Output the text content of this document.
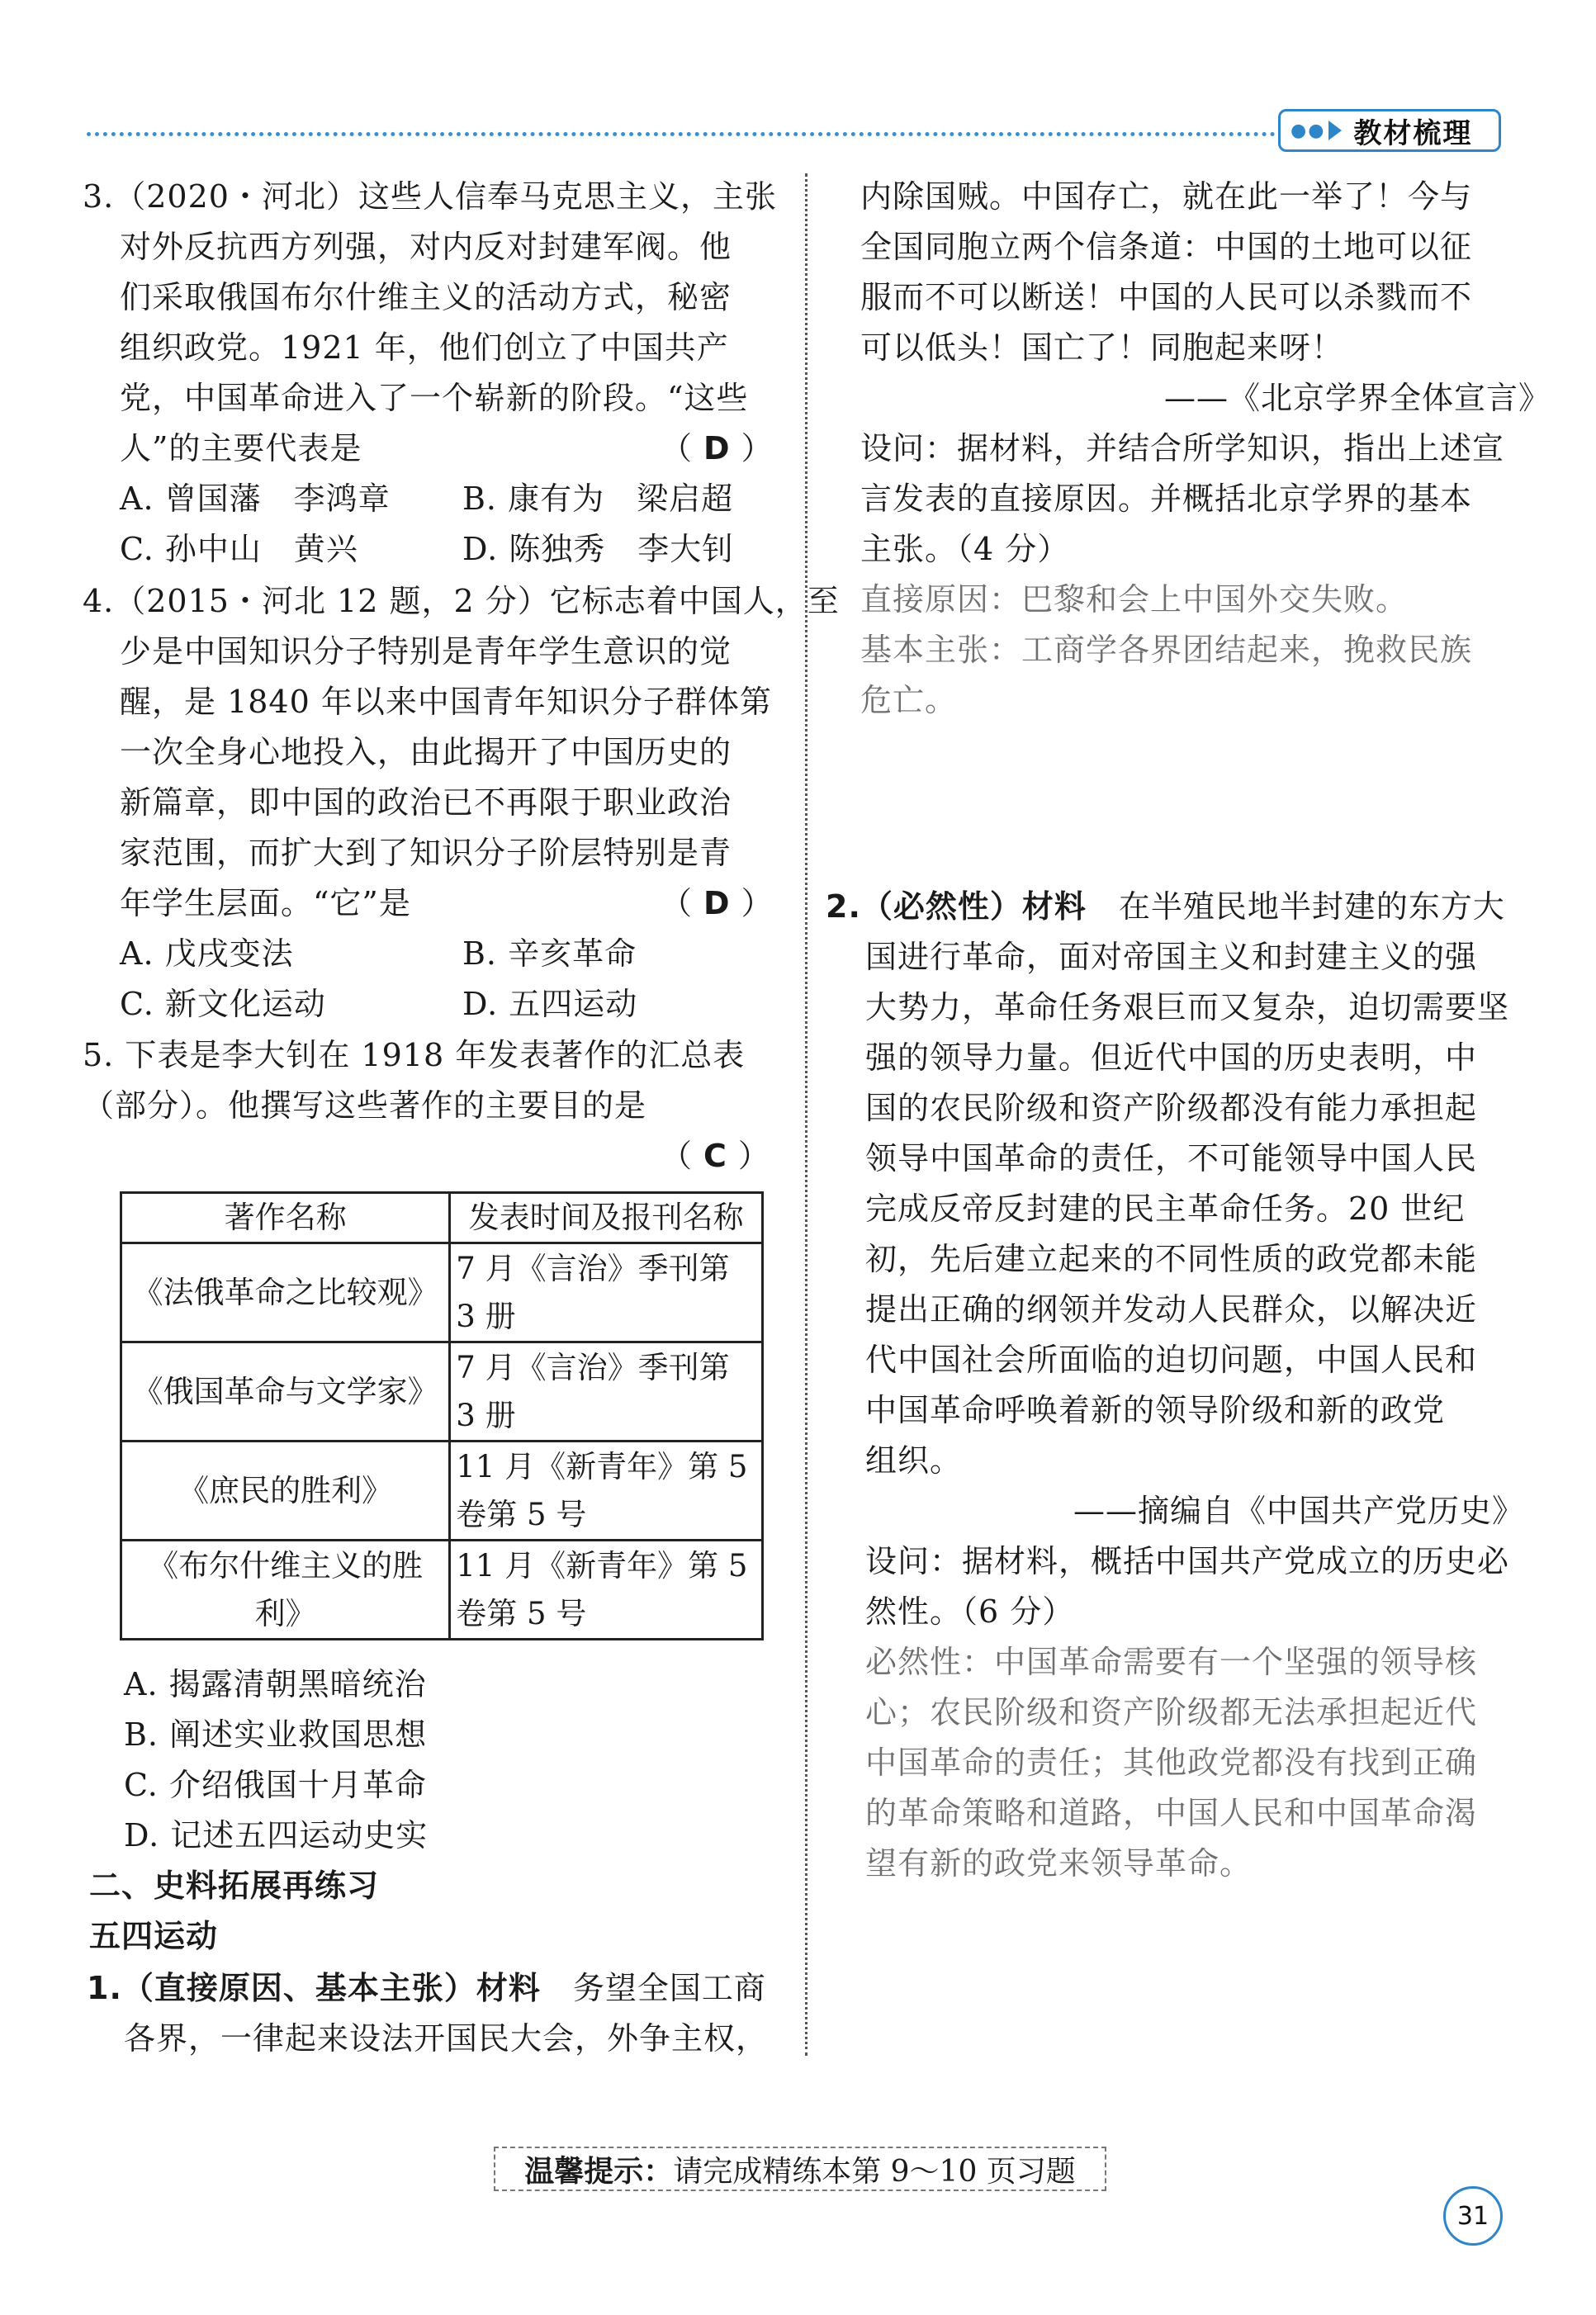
●● 教材梳理
3.（2020・河北）这些人信奉马克思主义，主张
对外反抗西方列强，对内反对封建军阀。他
们采取俄国布尔什维主义的活动方式，秘密
组织政党。1921 年，他们创立了中国共产
党，中国革命进入了一个崭新的阶段。“这些
人”的主要代表是	（ D ）
A. 曾国藩　李鸿章 B. 康有为　梁启超
C. 孙中山　黄兴	D. 陈独秀　李大钊
4.（2015・河北 12 题，2 分）它标志着中国人，至
少是中国知识分子特别是青年学生意识的觉
醒，是 1840 年以来中国青年知识分子群体第
一次全身心地投入，由此揭开了中国历史的
新篇章，即中国的政治已不再限于职业政治
家范围，而扩大到了知识分子阶层特别是青
年学生层面。“它”是	（ D ）
A. 戊戌变法	B. 辛亥革命
C. 新文化运动	D. 五四运动
5. 下表是李大钊在 1918 年发表著作的汇总表
（部分）。他撰写这些著作的主要目的是
（ C ）
著作名称	发表时间及报刊名称
《法俄革命之比较观》	7 月《言治》季刊第
3 册
《俄国革命与文学家》	7 月《言治》季刊第
3 册
《庶民的胜利》	11 月《新青年》第 5
卷第 5 号
《布尔什维主义的胜利》	11 月《新青年》第 5
卷第 5 号
A. 揭露清朝黑暗统治
B. 阐述实业救国思想
C. 介绍俄国十月革命
D. 记述五四运动史实
二、史料拓展再练习
五四运动
1.（直接原因、基本主张）材料　 务望全国工商
各界，一律起来设法开国民大会，外争主权，
内除国贼。中国存亡，就在此一举了！今与
全国同胞立两个信条道：中国的土地可以征
服而不可以断送！中国的人民可以杀戮而不
可以低头！国亡了！同胞起来呀！
——《北京学界全体宣言》
设问：据材料，并结合所学知识，指出上述宣
言发表的直接原因。并概括北京学界的基本
主张。（4 分）
直接原因：巴黎和会上中国外交失败。
基本主张：工商学各界团结起来，挽救民族
危亡。
2.（必然性）材料　 在半殖民地半封建的东方大
国进行革命，面对帝国主义和封建主义的强
大势力，革命任务艰巨而又复杂，迫切需要坚
强的领导力量。但近代中国的历史表明，中
国的农民阶级和资产阶级都没有能力承担起
领导中国革命的责任，不可能领导中国人民
完成反帝反封建的民主革命任务。20 世纪
初，先后建立起来的不同性质的政党都未能
提出正确的纲领并发动人民群众，以解决近
代中国社会所面临的迫切问题，中国人民和
中国革命呼唤着新的领导阶级和新的政党
组织。
——摘编自《中国共产党历史》
设问：据材料，概括中国共产党成立的历史必
然性。（6 分）
必然性：中国革命需要有一个坚强的领导核
心；农民阶级和资产阶级都无法承担起近代
中国革命的责任；其他政党都没有找到正确
的革命策略和道路，中国人民和中国革命渴
望有新的政党来领导革命。
温馨提示： 请完成精练本第 9～10 页习题
31
